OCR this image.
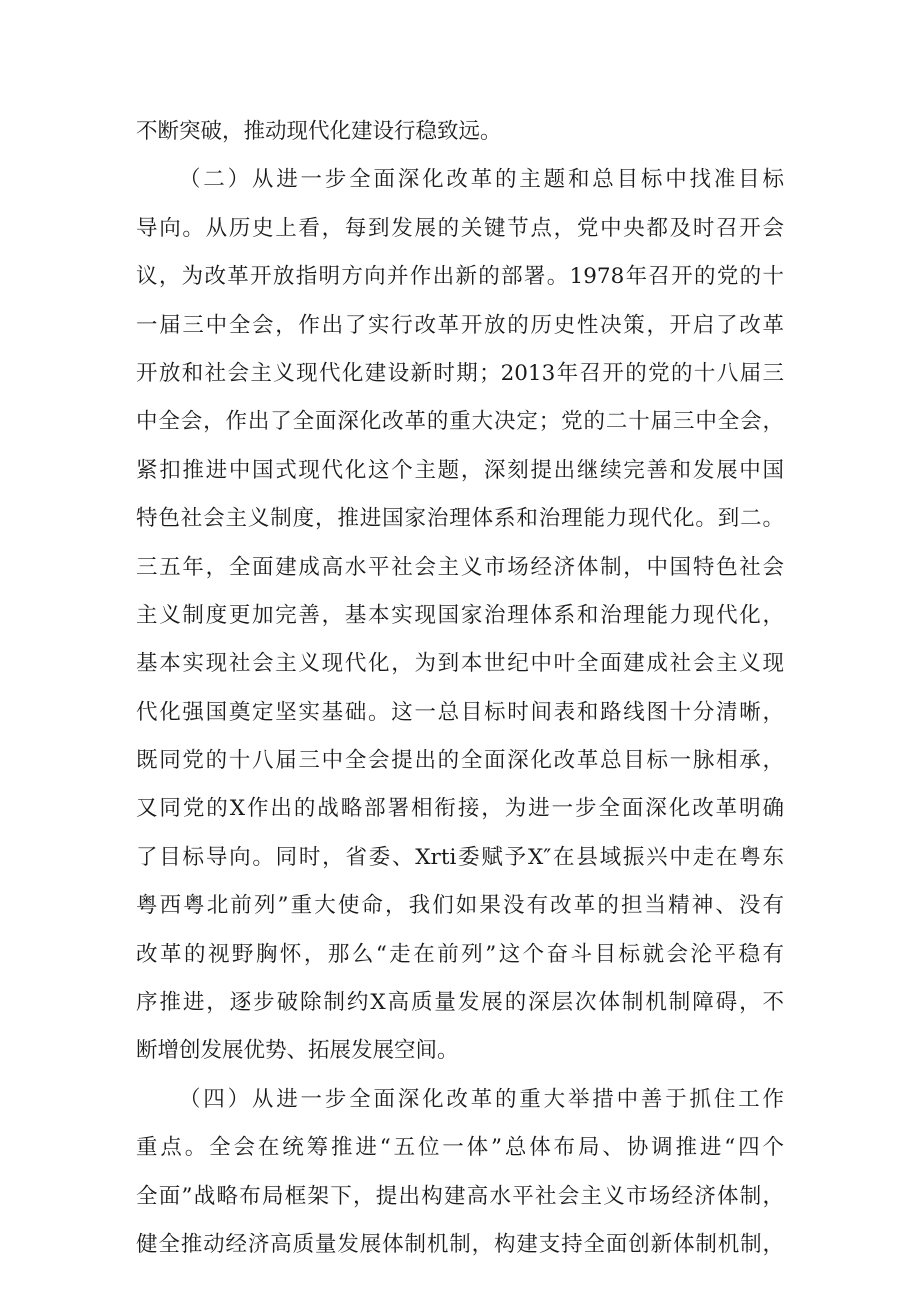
不断突破，推动现代化建设行稳致远。
（二）从进一步全面深化改革的主题和总目标中找准目标
导向。从历史上看，每到发展的关键节点，党中央都及时召开会
议，为改革开放指明方向并作出新的部署。1978年召开的党的十
一届三中全会，作出了实行改革开放的历史性决策，开启了改革
开放和社会主义现代化建设新时期；2013年召开的党的十八届三
中全会，作出了全面深化改革的重大决定；党的二十届三中全会，
紧扣推进中国式现代化这个主题，深刻提出继续完善和发展中国
特色社会主义制度，推进国家治理体系和治理能力现代化。到二。
三五年，全面建成高水平社会主义市场经济体制，中国特色社会
主义制度更加完善，基本实现国家治理体系和治理能力现代化，
基本实现社会主义现代化，为到本世纪中叶全面建成社会主义现
代化强国奠定坚实基础。这一总目标时间表和路线图十分清晰，
既同党的十八届三中全会提出的全面深化改革总目标一脉相承，
又同党的X作出的战略部署相衔接，为进一步全面深化改革明确
了目标导向。同时，省委、Xrti委赋予X″在县域振兴中走在粤东
粤西粤北前列”重大使命，我们如果没有改革的担当精神、没有
改革的视野胸怀，那么“走在前列”这个奋斗目标就会沦平稳有
序推进，逐步破除制约X高质量发展的深层次体制机制障碍，不
断增创发展优势、拓展发展空间。
（四）从进一步全面深化改革的重大举措中善于抓住工作
重点。全会在统筹推进“五位一体”总体布局、协调推进“四个
全面”战略布局框架下，提出构建高水平社会主义市场经济体制，
健全推动经济高质量发展体制机制，构建支持全面创新体制机制，
